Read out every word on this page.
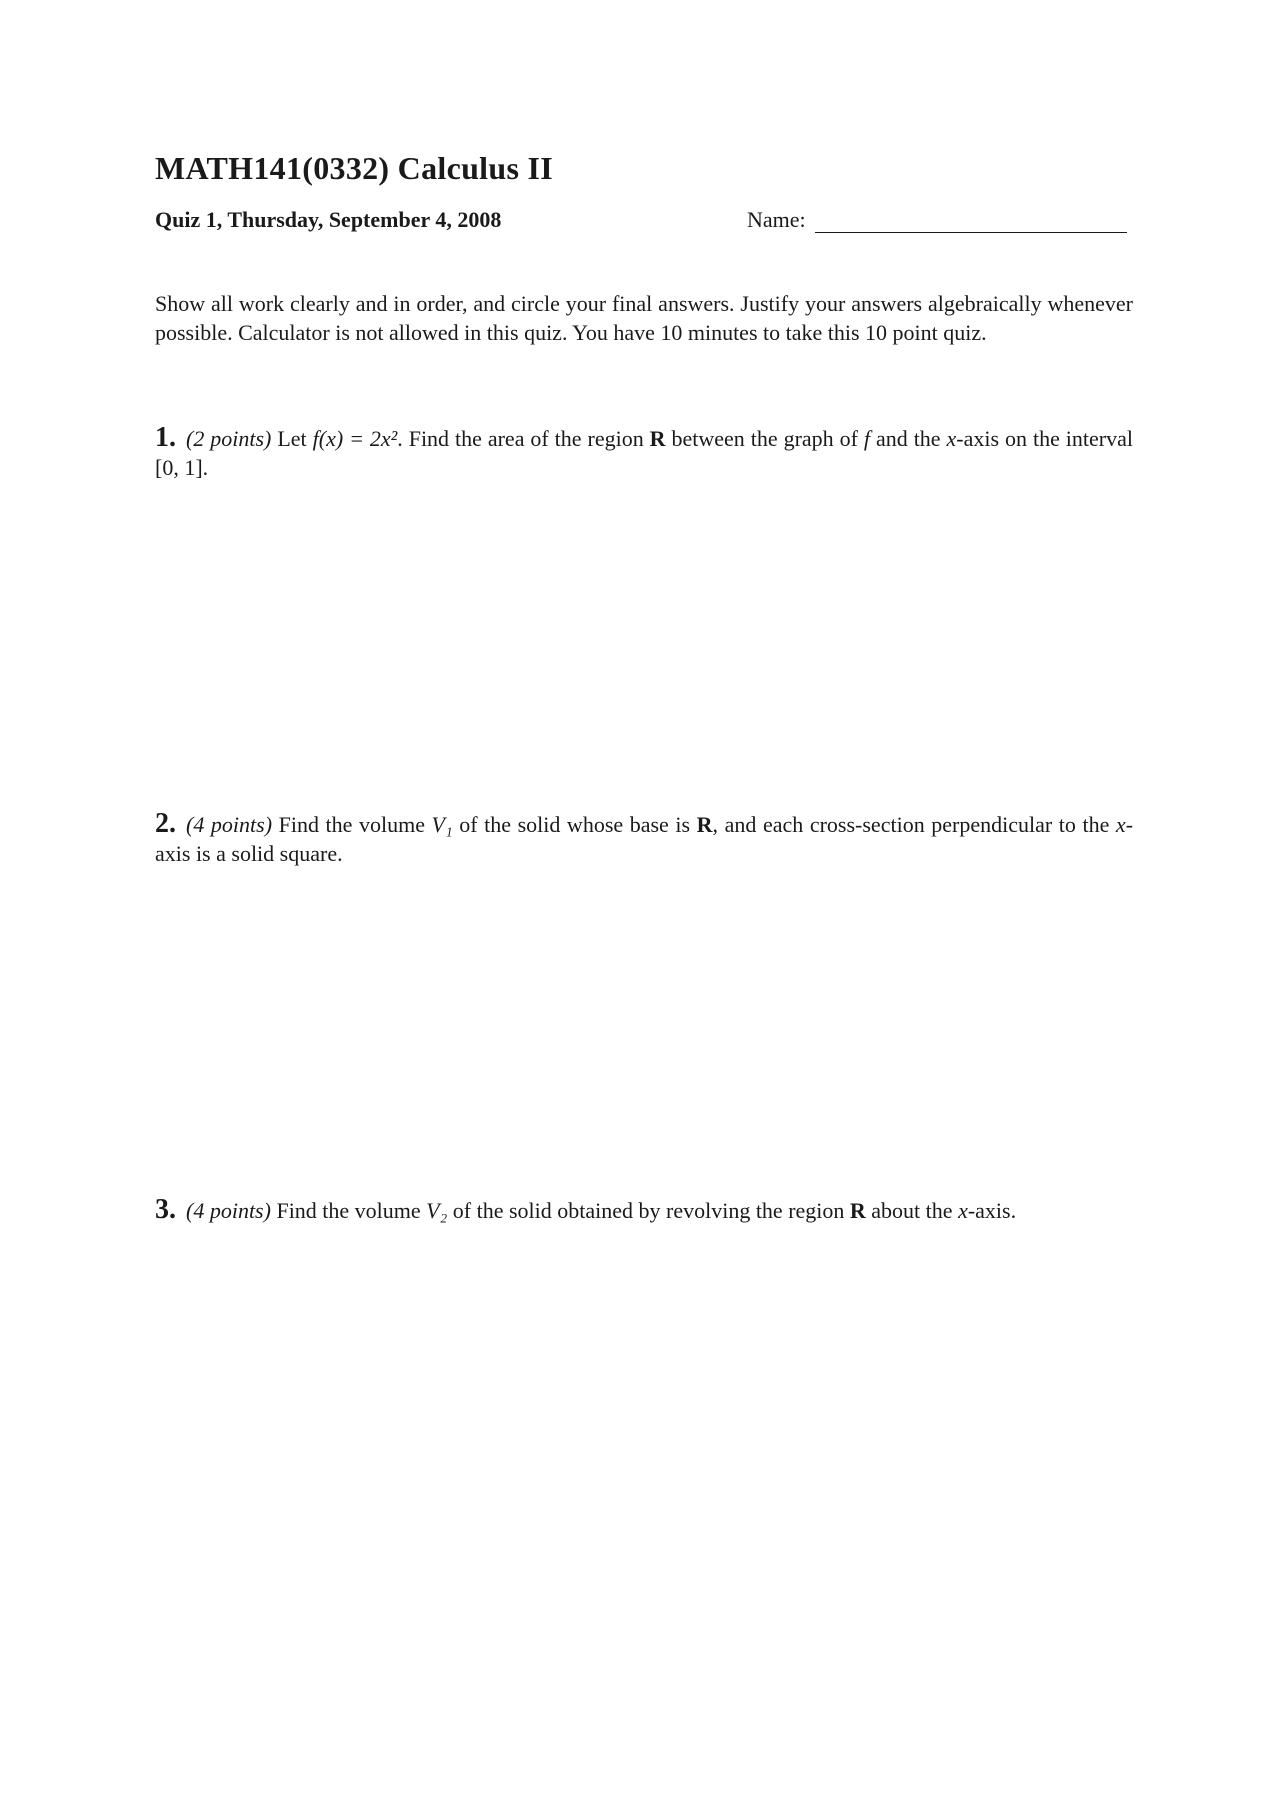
MATH141(0332) Calculus II
Quiz 1, Thursday, September 4, 2008	Name:
Show all work clearly and in order, and circle your final answers. Justify your answers algebraically whenever possible. Calculator is not allowed in this quiz. You have 10 minutes to take this 10 point quiz.
1. (2 points) Let f(x) = 2x². Find the area of the region R between the graph of f and the x-axis on the interval [0, 1].
2. (4 points) Find the volume V₁ of the solid whose base is R, and each cross-section perpendicular to the x-axis is a solid square.
3. (4 points) Find the volume V₂ of the solid obtained by revolving the region R about the x-axis.
